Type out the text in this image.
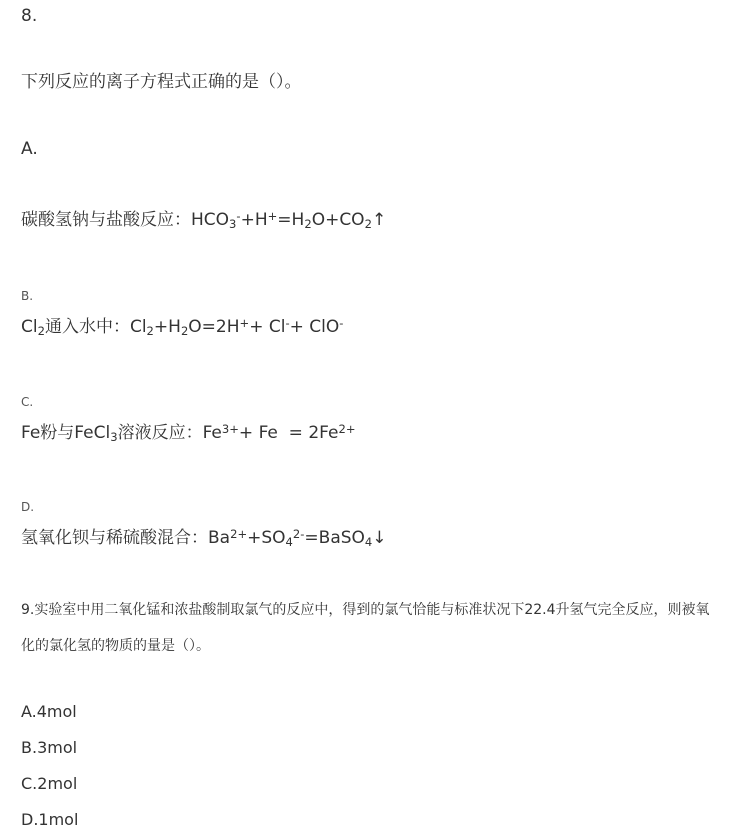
8.
下列反应的离子方程式正确的是（）。
A.
碳酸氢钠与盐酸反应：$HCO_3^-+H^+=H_2O+CO_2↑$
B.
$Cl_2$通入水中：$Cl_2+H_2O=2H^++ Cl^-+ ClO^-$
C.
Fe粉与FeCl$_3$溶液反应：$Fe^{3+}+ Fe = 2Fe^{2+}$
D.
氢氧化钡与稀硫酸混合：$Ba^{2+}+SO_4^{2-}=BaSO_4↓$
9.实验室中用二氧化锰和浓盐酸制取氯气的反应中，得到的氯气恰能与标准状况下22.4升氢气完全反应，则被氧
化的氯化氢的物质的量是（）。
A.4mol
B.3mol
C.2mol
D.1mol
